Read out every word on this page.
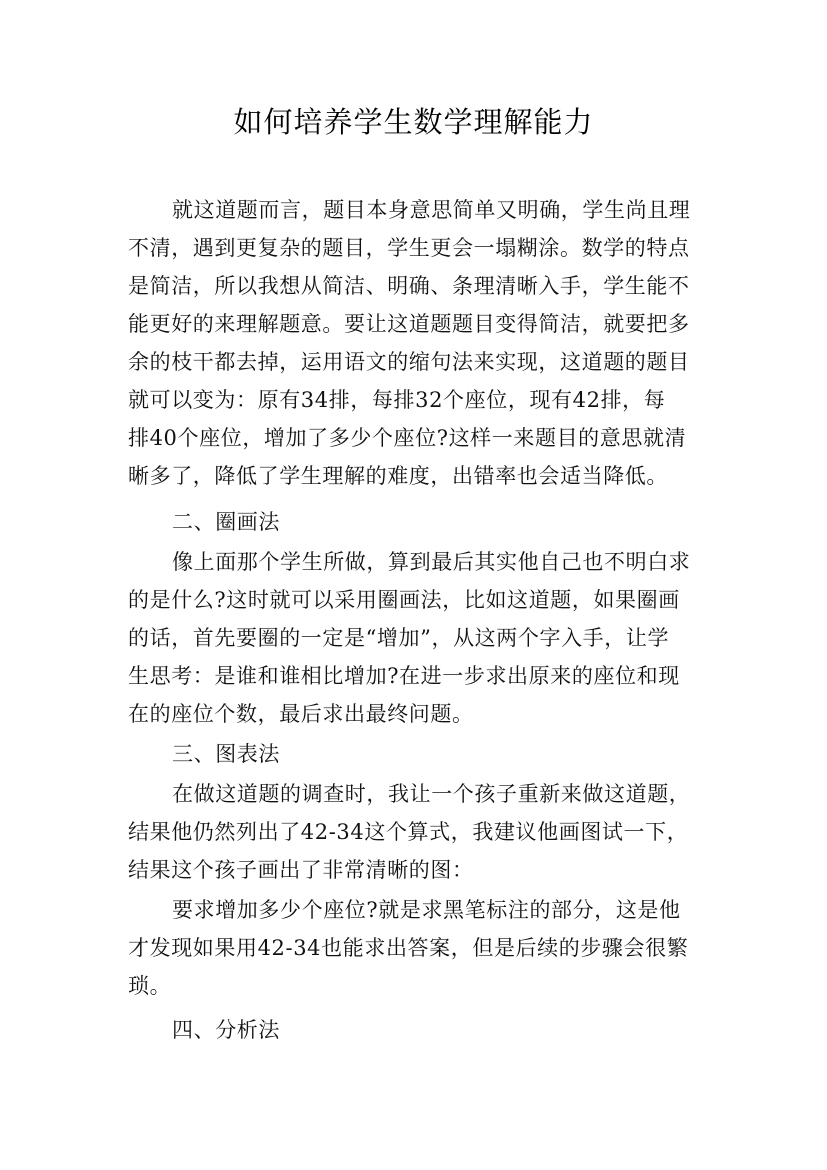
如何培养学生数学理解能力

就这道题而言，题目本身意思简单又明确，学生尚且理

不清，遇到更复杂的题目，学生更会一塌糊涂。数学的特点

是简洁，所以我想从简洁、明确、条理清晰入手，学生能不

能更好的来理解题意。要让这道题题目变得简洁，就要把多

余的枝干都去掉，运用语文的缩句法来实现，这道题的题目

就可以变为：原有34排，每排32个座位，现有42排，每

排40个座位，增加了多少个座位?这样一来题目的意思就清

晰多了，降低了学生理解的难度，出错率也会适当降低。

二、圈画法

像上面那个学生所做，算到最后其实他自己也不明白求

的是什么?这时就可以采用圈画法，比如这道题，如果圈画

的话，首先要圈的一定是“增加”，从这两个字入手，让学

生思考：是谁和谁相比增加?在进一步求出原来的座位和现

在的座位个数，最后求出最终问题。

三、图表法

在做这道题的调查时，我让一个孩子重新来做这道题，

结果他仍然列出了42-34这个算式，我建议他画图试一下，

结果这个孩子画出了非常清晰的图：

要求增加多少个座位?就是求黑笔标注的部分，这是他

才发现如果用42-34也能求出答案，但是后续的步骤会很繁

琐。

四、分析法
